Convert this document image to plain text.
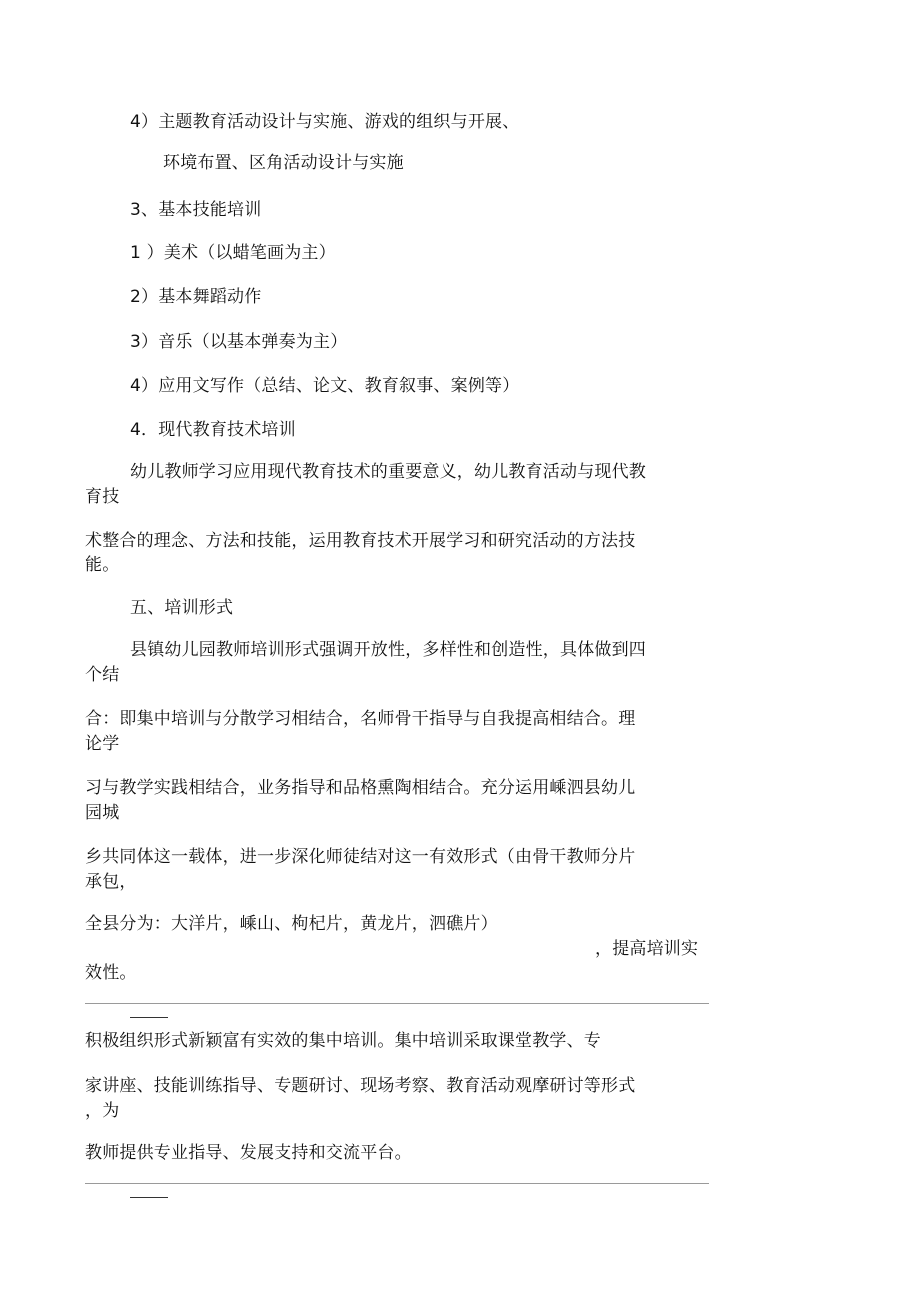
4）主题教育活动设计与实施、游戏的组织与开展、

环境布置、区角活动设计与实施

3、基本技能培训

1 ）美术（以蜡笔画为主）

2）基本舞蹈动作

3）音乐（以基本弹奏为主）

4）应用文写作（总结、论文、教育叙事、案例等）

4．现代教育技术培训

幼儿教师学习应用现代教育技术的重要意义，幼儿教育活动与现代教

育技

术整合的理念、方法和技能，运用教育技术开展学习和研究活动的方法技

能。

五、培训形式

县镇幼儿园教师培训形式强调开放性，多样性和创造性，具体做到四

个结

合：即集中培训与分散学习相结合，名师骨干指导与自我提高相结合。理

论学

习与教学实践相结合，业务指导和品格熏陶相结合。充分运用嵊泗县幼儿

园城

乡共同体这一载体，进一步深化师徒结对这一有效形式（由骨干教师分片

承包，

全县分为：大洋片，嵊山、枸杞片，黄龙片，泗礁片）

，提高培训实

效性。

积极组织形式新颖富有实效的集中培训。集中培训采取课堂教学、专

家讲座、技能训练指导、专题研讨、现场考察、教育活动观摩研讨等形式

，为

教师提供专业指导、发展支持和交流平台。
